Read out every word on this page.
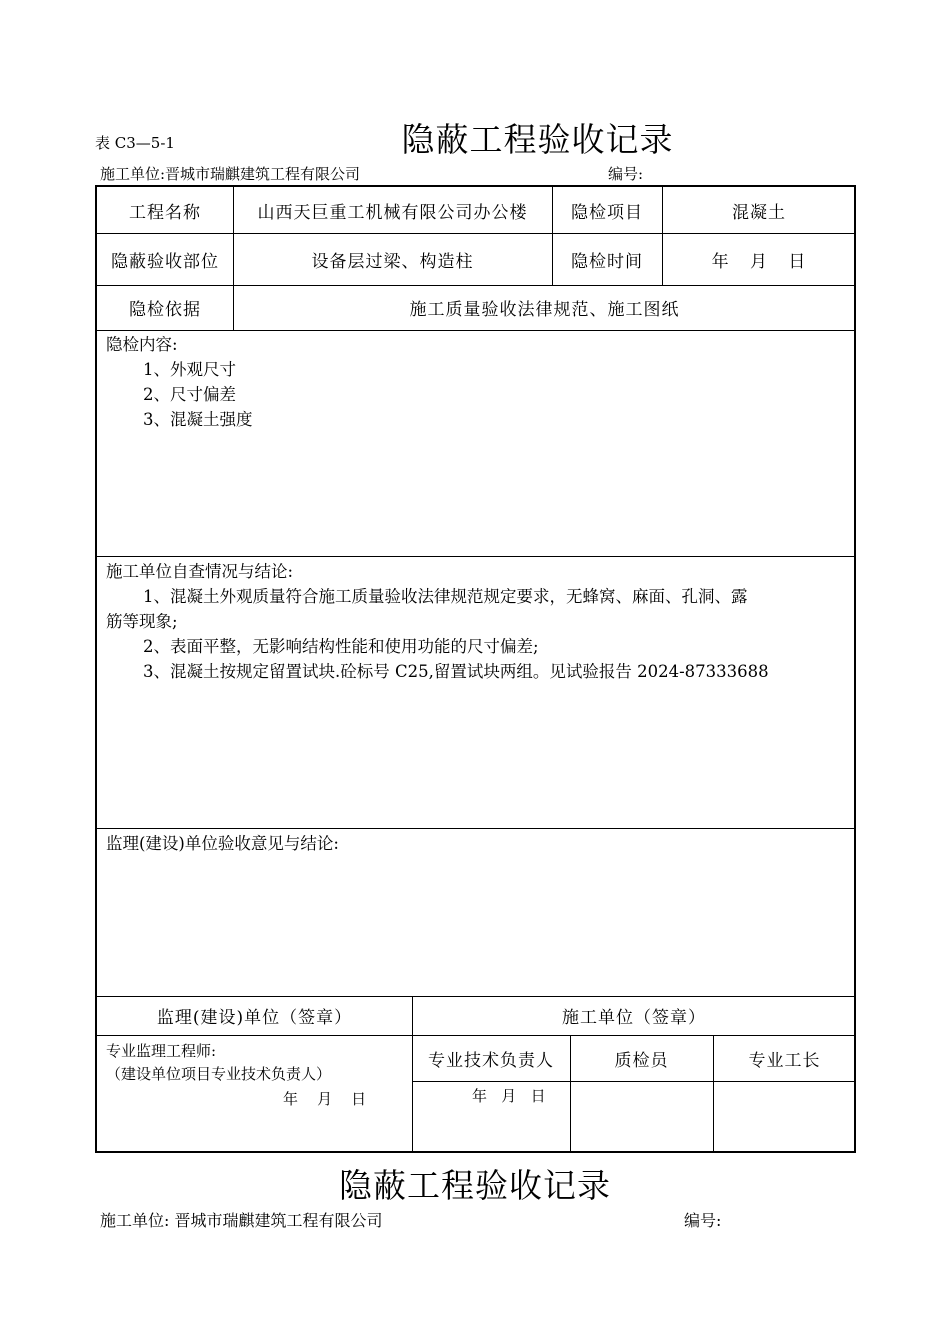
表 C3—5-1	隐蔽工程验收记录
施工单位:晋城市瑞麒建筑工程有限公司	编号:
工程名称	山西天巨重工机械有限公司办公楼	隐检项目	混凝土
隐蔽验收部位	设备层过梁、构造柱	隐检时间	年 月 日
隐检依据	施工质量验收法律规范、施工图纸
隐检内容:
1、外观尺寸
2、尺寸偏差
3、混凝土强度
施工单位自查情况与结论:
1、混凝土外观质量符合施工质量验收法律规范规定要求，无蜂窝、麻面、孔洞、露
筋等现象;
2、表面平整，无影响结构性能和使用功能的尺寸偏差;
3、混凝土按规定留置试块.砼标号 C25,留置试块两组。见试验报告 2024-87333688
监理(建设)单位验收意见与结论:
监理(建设)单位（签章）	施工单位（签章）
专业监理工程师:
（建设单位项目专业技术负责人）
年    月    日
专业技术负责人	质检员	专业工长
年   月   日
隐蔽工程验收记录
施工单位: 晋城市瑞麒建筑工程有限公司	编号:
